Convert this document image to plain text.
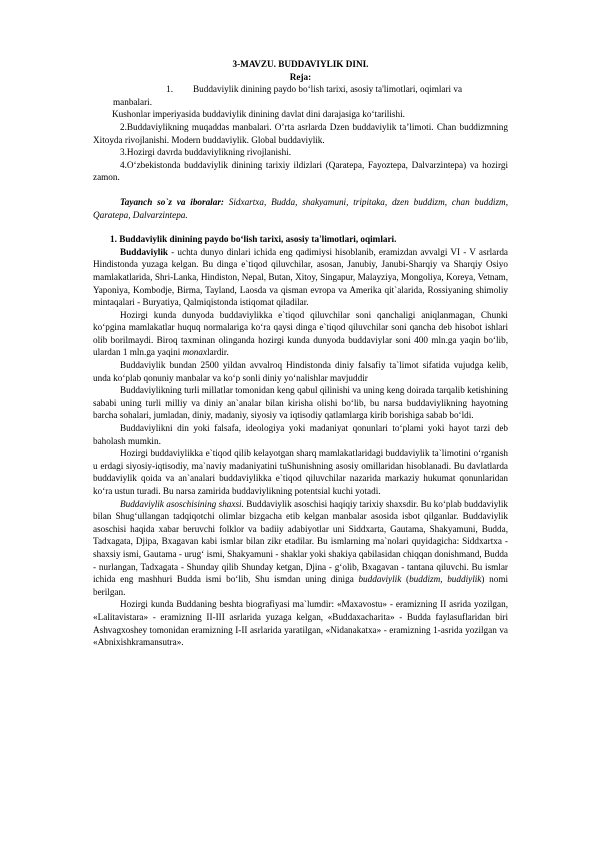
3-MAVZU. BUDDAVIYLIK DINI.

Reja:

1.	Buddaviylik dinining paydo bo‘lish tarixi, asosiy ta'limotlari, oqimlari va

manbalari.

Kushonlar imperiyasida buddaviylik dinining davlat dini darajasiga ko‘tarilishi.

2.Buddaviylikning muqaddas manbalari. O’rta asrlarda Dzen buddaviylik ta’limoti. Chan buddizmning Xitoyda rivojlanishi. Modern buddaviylik. Global buddaviylik.

3.Hozirgi davrda buddaviylikning rivojlanishi.

4.O‘zbekistonda buddaviylik dinining tarixiy ildizlari (Qaratepa, Fayoztepa, Dalvarzintepa) va hozirgi zamon.

Tayanch so`z va iboralar: Sidxartxa, Budda, shakyamuni, tripitaka, dzen buddizm, chan buddizm, Qaratepa, Dalvarzintepa.

1. Buddaviylik dinining paydo bo‘lish tarixi, asosiy ta'limotlari, oqimlari.

Buddaviylik - uchta dunyo dinlari ichida eng qadimiysi hisoblanib, eramizdan avvalgi VI - V asrlarda Hindistonda yuzaga kelgan. Bu dinga e`tiqod qiluvchilar, asosan, Janubiy, Janubi-Sharqiy va Sharqiy Osiyo mamlakatlarida, Shri-Lanka, Hindiston, Nepal, Butan, Xitoy, Singapur, Malayziya, Mongoliya, Koreya, Vetnam, Yaponiya, Kombodje, Birma, Tayland, Laosda va qisman evropa va Amerika qit`alarida, Rossiyaning shimoliy mintaqalari - Buryatiya, Qalmiqistonda istiqomat qiladilar.

Hozirgi kunda dunyoda buddaviylikka e`tiqod qiluvchilar soni qanchaligi aniqlanmagan, Chunki ko‘pgina mamlakatlar huquq normalariga ko‘ra qaysi dinga e`tiqod qiluvchilar soni qancha deb hisobot ishlari olib borilmaydi. Biroq taxminan olinganda hozirgi kunda dunyoda buddaviylar soni 400 mln.ga yaqin bo‘lib, ulardan 1 mln.ga yaqini monaxlardir.

Buddaviylik bundan 2500 yildan avvalroq Hindistonda diniy falsafiy ta`limot sifatida vujudga kelib, unda ko‘plab qonuniy manbalar va ko‘p sonli diniy yo‘nalishlar mavjuddir

Buddaviylikning turli millatlar tomonidan keng qabul qilinishi va uning keng doirada tarqalib ketishining sababi uning turli milliy va diniy an`analar bilan kirisha olishi bo‘lib, bu narsa buddaviylikning hayotning barcha sohalari, jumladan, diniy, madaniy, siyosiy va iqtisodiy qatlamlarga kirib borishiga sabab bo‘ldi.

Buddaviylikni din yoki falsafa, ideologiya yoki madaniyat qonunlari to‘plami yoki hayot tarzi deb baholash mumkin.

Hozirgi buddaviylikka e`tiqod qilib kelayotgan sharq mamlakatlaridagi buddaviylik ta`limotini o‘rganish u erdagi siyosiy-iqtisodiy, ma`naviy madaniyatini tuShunishning asosiy omillaridan hisoblanadi. Bu davlatlarda buddaviylik qoida va an`analari buddaviylikka e`tiqod qiluvchilar nazarida markaziy hukumat qonunlaridan ko‘ra ustun turadi. Bu narsa zamirida buddaviylikning potentsial kuchi yotadi.

Buddaviylik asoschisining shaxsi. Buddaviylik asoschisi haqiqiy tarixiy shaxsdir. Bu ko‘plab buddaviylik bilan Shug‘ullangan tadqiqotchi olimlar bizgacha etib kelgan manbalar asosida isbot qilganlar. Buddaviylik asoschisi haqida xabar beruvchi folklor va badiiy adabiyotlar uni Siddxarta, Gautama, Shakyamuni, Budda, Tadxagata, Djipa, Bxagavan kabi ismlar bilan zikr etadilar. Bu ismlarning ma`nolari quyidagicha: Siddxartxa - shaxsiy ismi, Gautama - urug‘ ismi, Shakyamuni - shaklar yoki shakiya qabilasidan chiqqan donishmand, Budda - nurlangan, Tadxagata - Shunday qilib Shunday ketgan, Djina - g‘olib, Bxagavan - tantana qiluvchi. Bu ismlar ichida eng mashhuri Budda ismi bo‘lib, Shu ismdan uning diniga buddaviylik (buddizm, buddiylik) nomi berilgan.

Hozirgi kunda Buddaning beshta biografiyasi ma`lumdir: «Maxavostu» - eramizning II asrida yozilgan, «Lalitavistara» - eramizning II-III asrlarida yuzaga kelgan, «Buddaxacharita» - Budda faylasuflaridan biri Ashvagxoshey tomonidan eramizning I-II asrlarida yaratilgan, «Nidanakatxa» - eramizning 1-asrida yozilgan va «Abnixishkramansutra».
